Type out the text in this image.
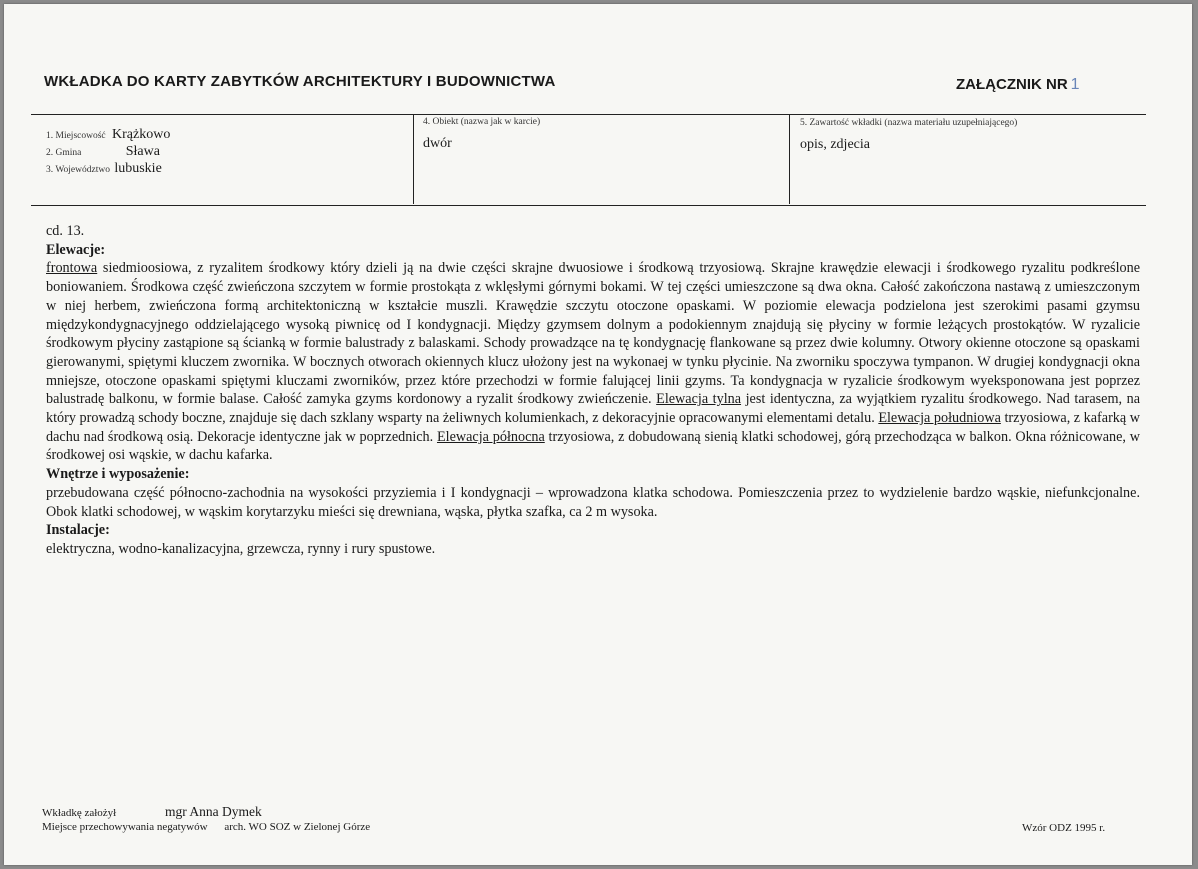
WKŁADKA DO KARTY ZABYTKÓW ARCHITEKTURY I BUDOWNICTWA	ZAŁĄCZNIK NR 1
1. Miejscowość Krążkowo
2. Gmina	Sława
3. Województwo lubuskie
4. Obiekt (nazwa jak w karcie)
dwór
5. Zawartość wkładki (nazwa materiału uzupełniającego)
opis, zdjecia

cd. 13.

Elewacje:

frontowa siedmioosiowa, z ryzalitem środkowy który dzieli ją na dwie części skrajne dwuosiowe i środkową trzyosiową. Skrajne krawędzie elewacji i środkowego ryzalitu podkreślone boniowaniem. Środkowa część zwieńczona szczytem w formie prostokąta z wklęsłymi górnymi bokami. W tej części umieszczone są dwa okna. Całość zakończona nastawą z umieszczonym w niej herbem, zwieńczona formą architektoniczną w kształcie muszli. Krawędzie szczytu otoczone opaskami. W poziomie elewacja podzielona jest szerokimi pasami gzymsu międzykondygnacyjnego oddzielającego wysoką piwnicę od I kondygnacji. Między gzymsem dolnym a podokiennym znajdują się płyciny w formie leżących prostokątów. W ryzalicie środkowym płyciny zastąpione są ścianką w formie balustrady z balaskami. Schody prowadzące na tę kondygnację flankowane są przez dwie kolumny. Otwory okienne otoczone są opaskami gierowanymi, spiętymi kluczem zwornika. W bocznych otworach okiennych klucz ułożony jest na wykonaej w tynku płycinie. Na zworniku spoczywa tympanon. W drugiej kondygnacji okna mniejsze, otoczone opaskami spiętymi kluczami zworników, przez które przechodzi w formie falującej linii gzyms. Ta kondygnacja w ryzalicie środkowym wyeksponowana jest poprzez balustradę balkonu, w formie balase. Całość zamyka gzyms kordonowy a ryzalit środkowy zwieńczenie. Elewacja tylna jest identyczna, za wyjątkiem ryzalitu środkowego. Nad tarasem, na który prowadzą schody boczne, znajduje się dach szklany wsparty na żeliwnych kolumienkach, z dekoracyjnie opracowanymi elementami detalu. Elewacja południowa trzyosiowa, z kafarką w dachu nad środkową osią. Dekoracje identyczne jak w poprzednich. Elewacja północna trzyosiowa, z dobudowaną sienią klatki schodowej, górą przechodząca w balkon. Okna różnicowane, w środkowej osi wąskie, w dachu kafarka.

Wnętrze i wyposażenie:

przebudowana część północno-zachodnia na wysokości przyziemia i I kondygnacji – wprowadzona klatka schodowa. Pomieszczenia przez to wydzielenie bardzo wąskie, niefunkcjonalne. Obok klatki schodowej, w wąskim korytarzyku mieści się drewniana, wąska, płytka szafka, ca 2 m wysoka.

Instalacje:

elektryczna, wodno-kanalizacyjna, grzewcza, rynny i rury spustowe.

Wkładkę założył	mgr Anna Dymek
Miejsce przechowywania negatywów arch. WO SOZ w Zielonej Górze	Wzór ODZ 1995 r.
